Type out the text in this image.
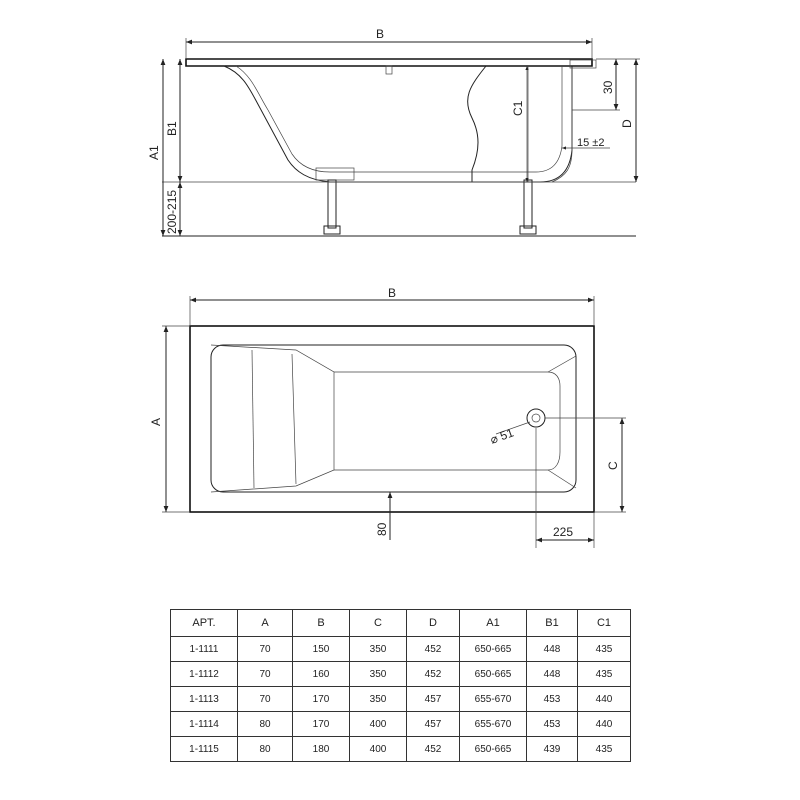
B
A1
B1
200-215
C1
30
D
15 ±2
⌀ 51
B
A
C
80	225
APT.	A	B	C	D	A1	B1	C1
1-1111	70	150	350	452	650-665	448	435
1-1112	70	160	350	452	650-665	448	435
1-1113	70	170	350	457	655-670	453	440
1-1114	80	170	400	457	655-670	453	440
1-1115	80	180	400	452	650-665	439	435
